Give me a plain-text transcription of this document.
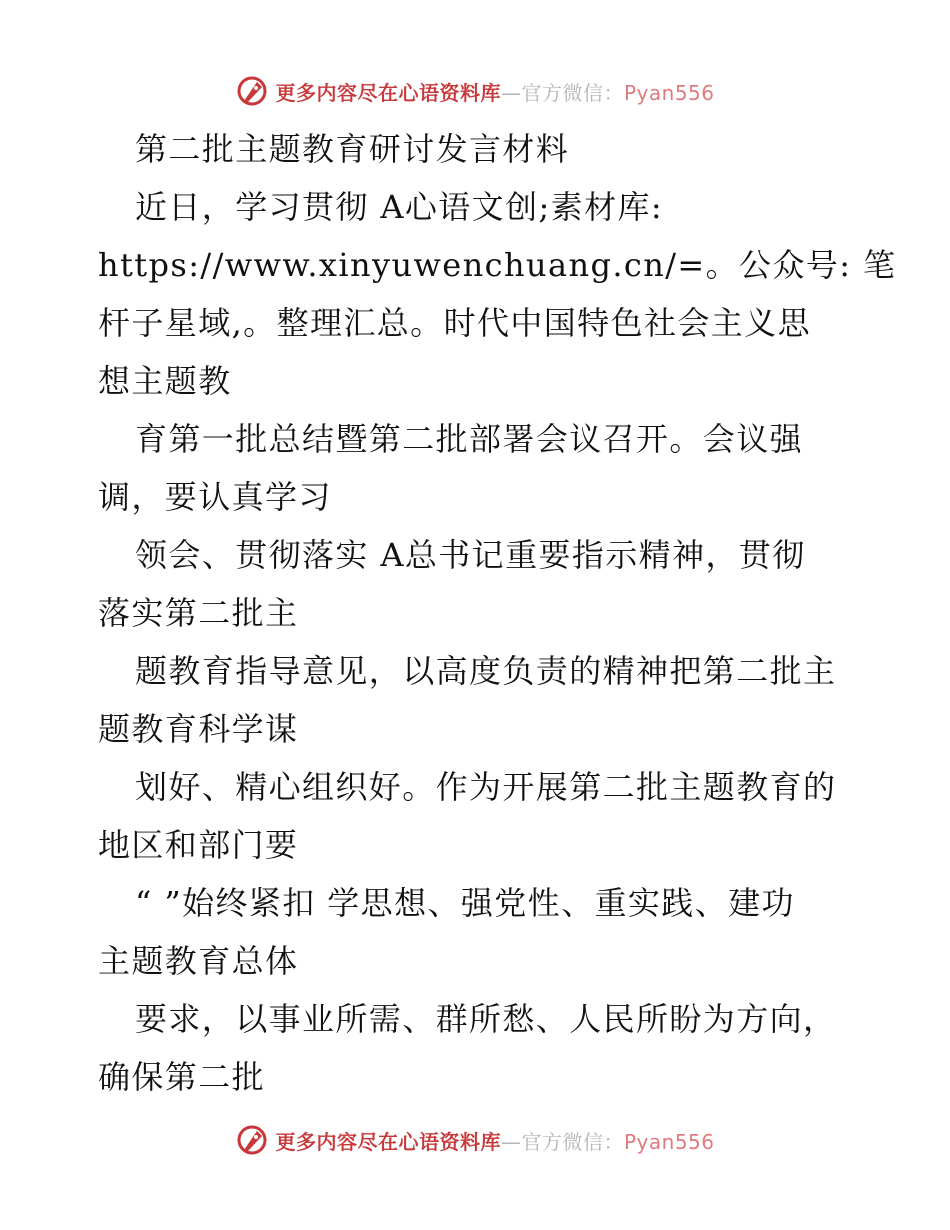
更多内容尽在心语资料库—官方微信：Pyan556
第二批主题教育研讨发言材料
近日，学习贯彻 A心语文创;素材库:
https://www.xinyuwenchuang.cn/=。公众号: 笔
杆子星域,。整理汇总。时代中国特色社会主义思
想主题教
育第一批总结暨第二批部署会议召开。会议强
调，要认真学习
领会、贯彻落实 A总书记重要指示精神，贯彻
落实第二批主
题教育指导意见，以高度负责的精神把第二批主
题教育科学谋
划好、精心组织好。作为开展第二批主题教育的
地区和部门要
“ ”始终紧扣 学思想、强党性、重实践、建功
主题教育总体
要求，以事业所需、群所愁、人民所盼为方向，
确保第二批
更多内容尽在心语资料库—官方微信：Pyan556
